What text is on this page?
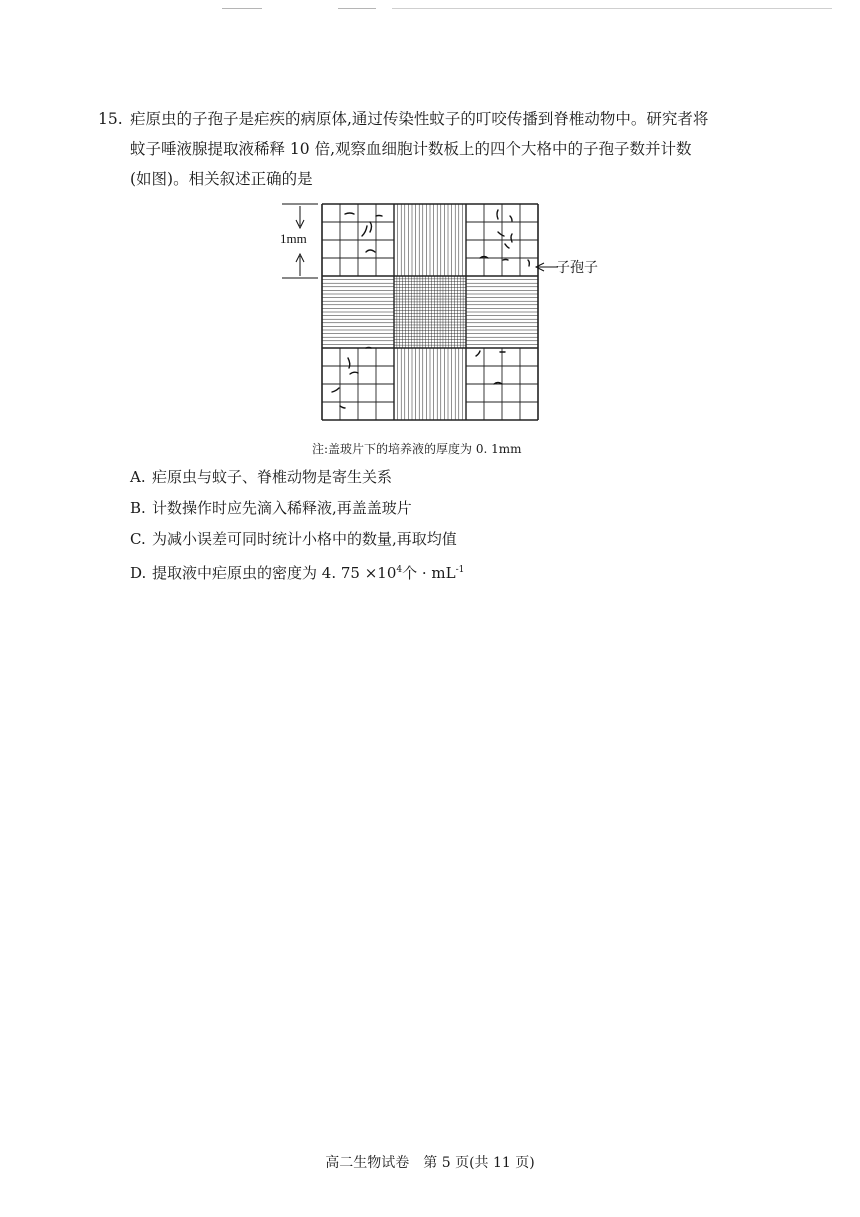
15. 疟原虫的子孢子是疟疾的病原体,通过传染性蚊子的叮咬传播到脊椎动物中。研究者将
蚊子唾液腺提取液稀释 10 倍,观察血细胞计数板上的四个大格中的子孢子数并计数
(如图)。相关叙述正确的是
1mm
子孢子
注:盖玻片下的培养液的厚度为 0. 1mm
A. 疟原虫与蚊子、脊椎动物是寄生关系
B. 计数操作时应先滴入稀释液,再盖盖玻片
C. 为减小误差可同时统计小格中的数量,再取均值
D. 提取液中疟原虫的密度为 4. $75 \times 10^4$个 · $mL^{-1}$
高二生物试卷　第 5 页(共 11 页)
